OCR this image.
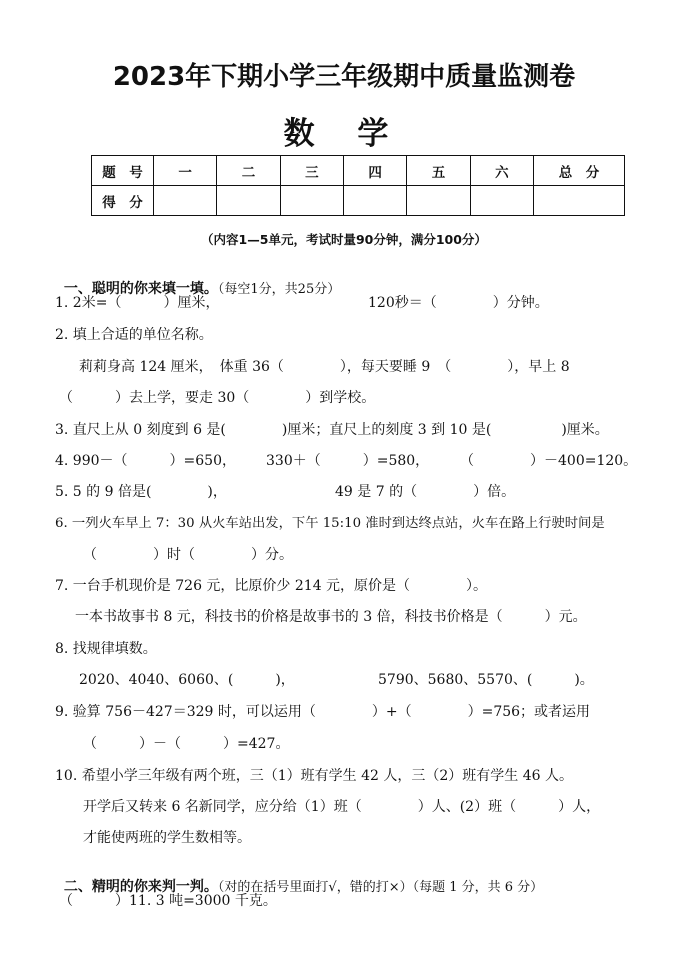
2023年下期小学三年级期中质量监测卷
数 学
题　号	一	二	三	四	五	六	总　分
得　分							
（内容1—5单元，考试时量90分钟，满分100分）

一、聪明的你来填一填。（每空1分，共25分）

1. 2米=（　　　）厘米，	120秒＝（　　　　）分钟。
2. 填上合适的单位名称。
莉莉身高 124 厘米，　体重 36（　　　　），每天要睡 9　（　　　　），早上 8
（　　　）去上学，要走 30（　　　　）到学校。
3. 直尺上从 0 刻度到 6 是(　　　　)厘米；直尺上的刻度 3 到 10 是(　　　　　)厘米。
4. 990－（　　　）=650， 330＋（　　　）=580， （　　　　）－400=120。
5. 5 的 9 倍是(　　　　)，	49 是 7 的（　　　　）倍。
6. 一列火车早上 7：30 从火车站出发，下午 15:10 准时到达终点站，火车在路上行驶时间是
（　　　　）时（　　　　）分。
7. 一台手机现价是 726 元，比原价少 214 元，原价是（　　　　）。
一本书故事书 8 元，科技书的价格是故事书的 3 倍，科技书价格是（　　　）元。
8. 找规律填数。
2020、4040、6060、(　　　)，	5790、5680、5570、(　　　)。
9. 验算 756－427＝329 时，可以运用（　　　　）+（　　　　）=756；或者运用
（　　　）－（　　　）=427。
10. 希望小学三年级有两个班，三（1）班有学生 42 人，三（2）班有学生 46 人。
开学后又转来 6 名新同学，应分给（1）班（　　　　）人、(2）班（　　　）人，
才能使两班的学生数相等。

二、精明的你来判一判。（对的在括号里面打√，错的打×）（每题 1 分，共 6 分）

（　　　）11. 3 吨=3000 千克。
